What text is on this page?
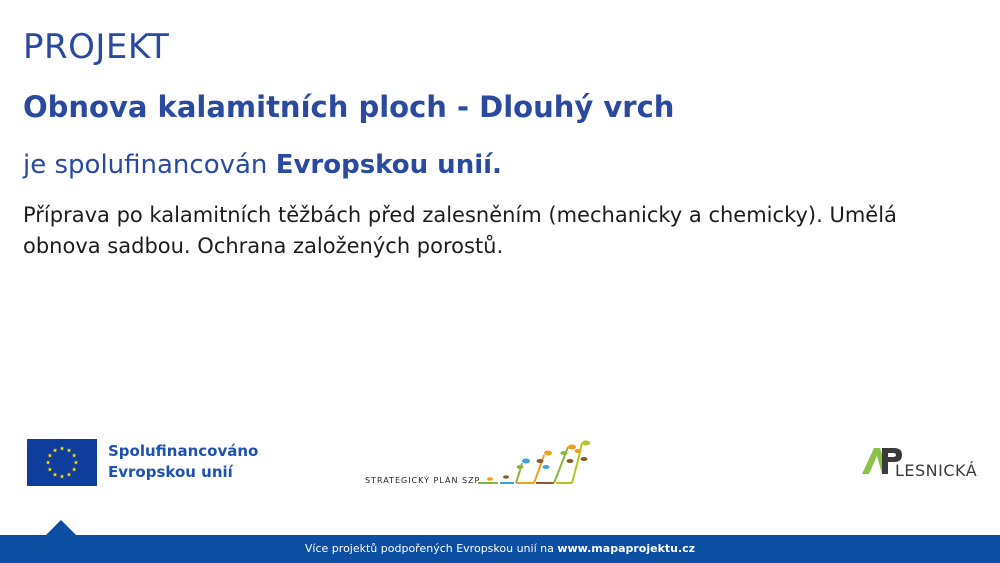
PROJEKT
Obnova kalamitních ploch - Dlouhý vrch
je spolufinancován Evropskou unií.
Příprava po kalamitních těžbách před zalesněním (mechanicky a chemicky). Umělá obnova sadbou. Ochrana založených porostů.
Spolufinancováno
Evropskou unií	STRATEGICKÝ PLÁN SZP
LESNICKÁ
Více projektů podpořených Evropskou unií na www.mapaprojektu.cz
